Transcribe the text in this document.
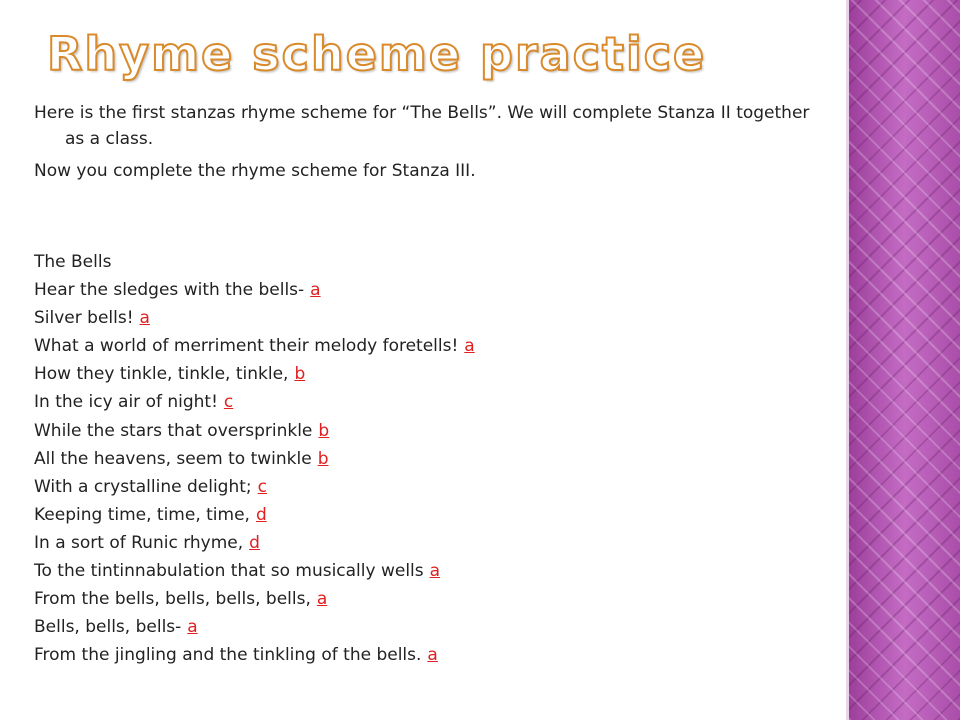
Rhyme scheme practice

Here is the first stanzas rhyme scheme for “The Bells”. We will complete Stanza II together as a class.

Now you complete the rhyme scheme for Stanza III.

The Bells
Hear the sledges with the bells- a
Silver bells! a
What a world of merriment their melody foretells! a
How they tinkle, tinkle, tinkle, b
In the icy air of night! c
While the stars that oversprinkle b
All the heavens, seem to twinkle b
With a crystalline delight; c
Keeping time, time, time, d
In a sort of Runic rhyme, d
To the tintinnabulation that so musically wells a
From the bells, bells, bells, bells, a
Bells, bells, bells- a
From the jingling and the tinkling of the bells. a
